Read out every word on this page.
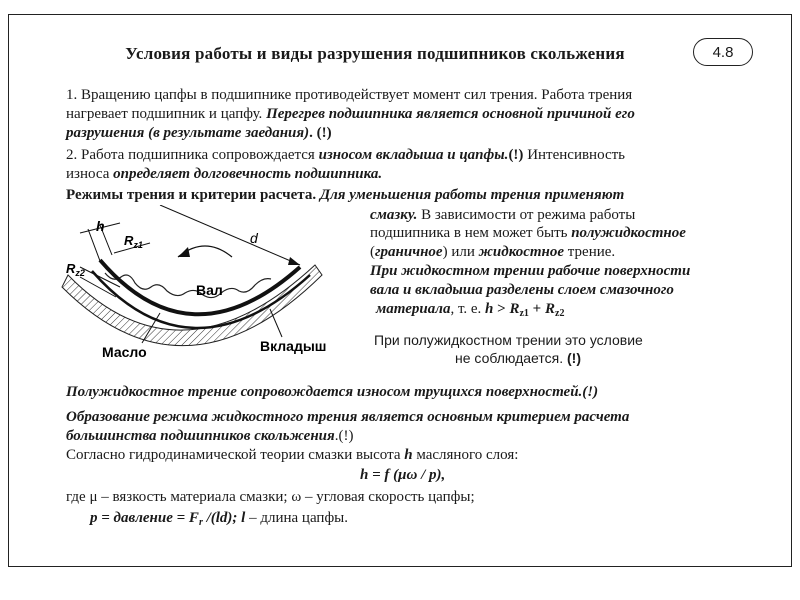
Условия работы и виды разрушения подшипников скольжения	4.8
1. Вращению цапфы в подшипнике противодействует момент сил трения. Работа трения
нагревает подшипник и цапфу. Перегрев подшипника является основной причиной его
разрушения (в результате заедания). (!)
2. Работа подшипника сопровождается износом вкладыша и цапфы.(!) Интенсивность
износа определяет долговечность подшипника.
Режимы трения и критерии расчета. Для уменьшения работы трения применяют
смазку. В зависимости от режима работы
подшипника в нем может быть полужидкостное
(граничное) или жидкостное трение.
При жидкостном трении рабочие поверхности
вала и вкладыша разделены слоем смазочного
материала, т. е. $h > R_{z1} + R_{z2}$
При полужидкостном трении это условие
не соблюдается. (!)
h
$R_{z1}$
$R_{z2}$
d
Вал
Масло	Вкладыш
Полужидкостное трение сопровождается износом трущихся поверхностей.(!)
Образование режима жидкостного трения является основным критерием расчета
большинства подшипников скольжения.(!)
Согласно гидродинамической теории смазки высота h масляного слоя:
h = f (μω / p),
где μ – вязкость материала смазки; ω – угловая скорость цапфы;
p = давление = $F_r$ /(ld); l – длина цапфы.
